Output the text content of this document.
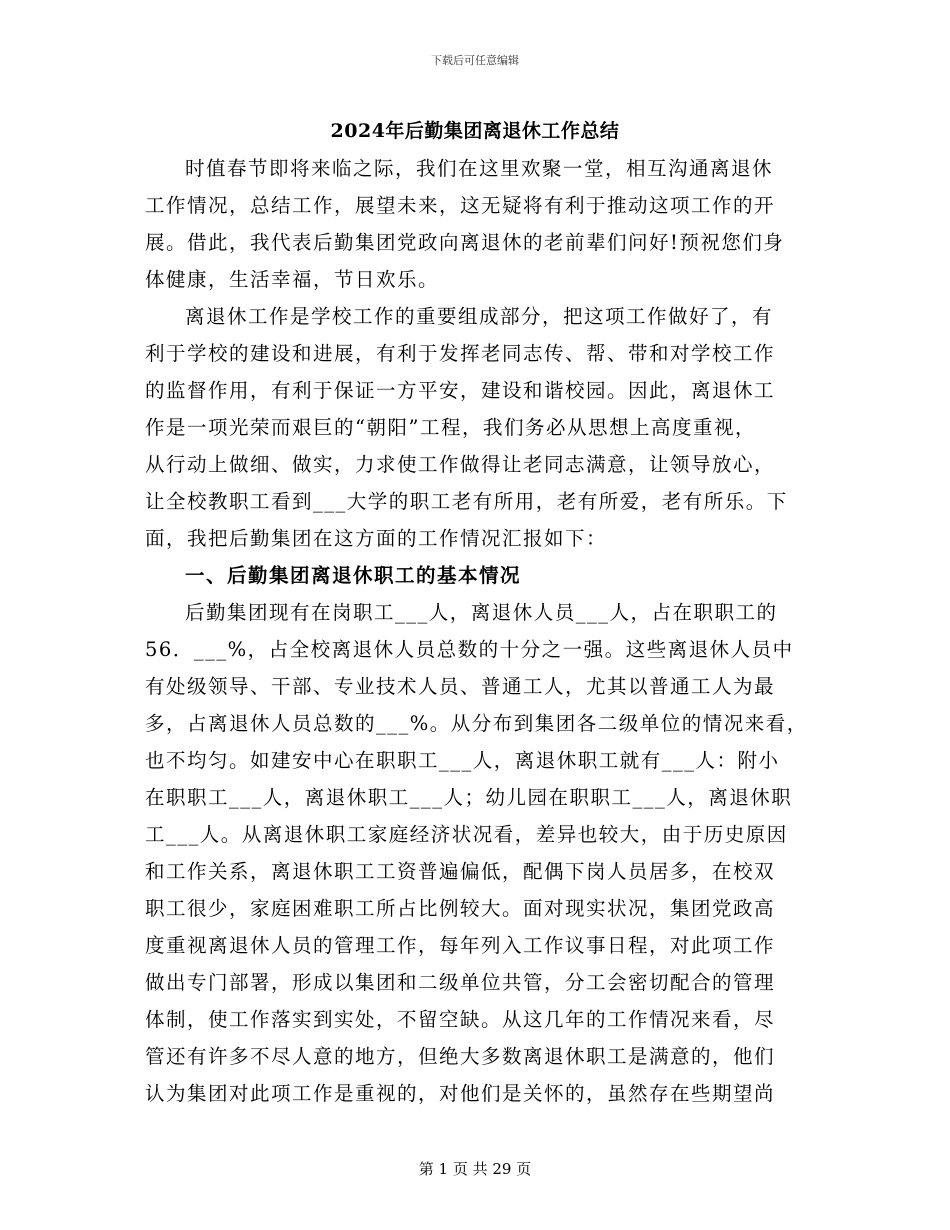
下载后可任意编辑
2024年后勤集团离退休工作总结
时值春节即将来临之际，我们在这里欢聚一堂，相互沟通离退休
工作情况，总结工作，展望未来，这无疑将有利于推动这项工作的开
展。借此，我代表后勤集团党政向离退休的老前辈们问好!预祝您们身
体健康，生活幸福，节日欢乐。
离退休工作是学校工作的重要组成部分，把这项工作做好了，有
利于学校的建设和进展，有利于发挥老同志传、帮、带和对学校工作
的监督作用，有利于保证一方平安，建设和谐校园。因此，离退休工
作是一项光荣而艰巨的“朝阳”工程，我们务必从思想上高度重视，
从行动上做细、做实，力求使工作做得让老同志满意，让领导放心，
让全校教职工看到___大学的职工老有所用，老有所爱，老有所乐。下
面，我把后勤集团在这方面的工作情况汇报如下：
一、后勤集团离退休职工的基本情况
后勤集团现有在岗职工___人，离退休人员___人，占在职职工的
56．___%，占全校离退休人员总数的十分之一强。这些离退休人员中
有处级领导、干部、专业技术人员、普通工人，尤其以普通工人为最
多，占离退休人员总数的___%。从分布到集团各二级单位的情况来看，
也不均匀。如建安中心在职职工___人，离退休职工就有___人：附小
在职职工___人，离退休职工___人；幼儿园在职职工___人，离退休职
工___人。从离退休职工家庭经济状况看，差异也较大，由于历史原因
和工作关系，离退休职工工资普遍偏低，配偶下岗人员居多，在校双
职工很少，家庭困难职工所占比例较大。面对现实状况，集团党政高
度重视离退休人员的管理工作，每年列入工作议事日程，对此项工作
做出专门部署，形成以集团和二级单位共管，分工会密切配合的管理
体制，使工作落实到实处，不留空缺。从这几年的工作情况来看，尽
管还有许多不尽人意的地方，但绝大多数离退休职工是满意的，他们
认为集团对此项工作是重视的，对他们是关怀的，虽然存在些期望尚
第 1 页 共 29 页
